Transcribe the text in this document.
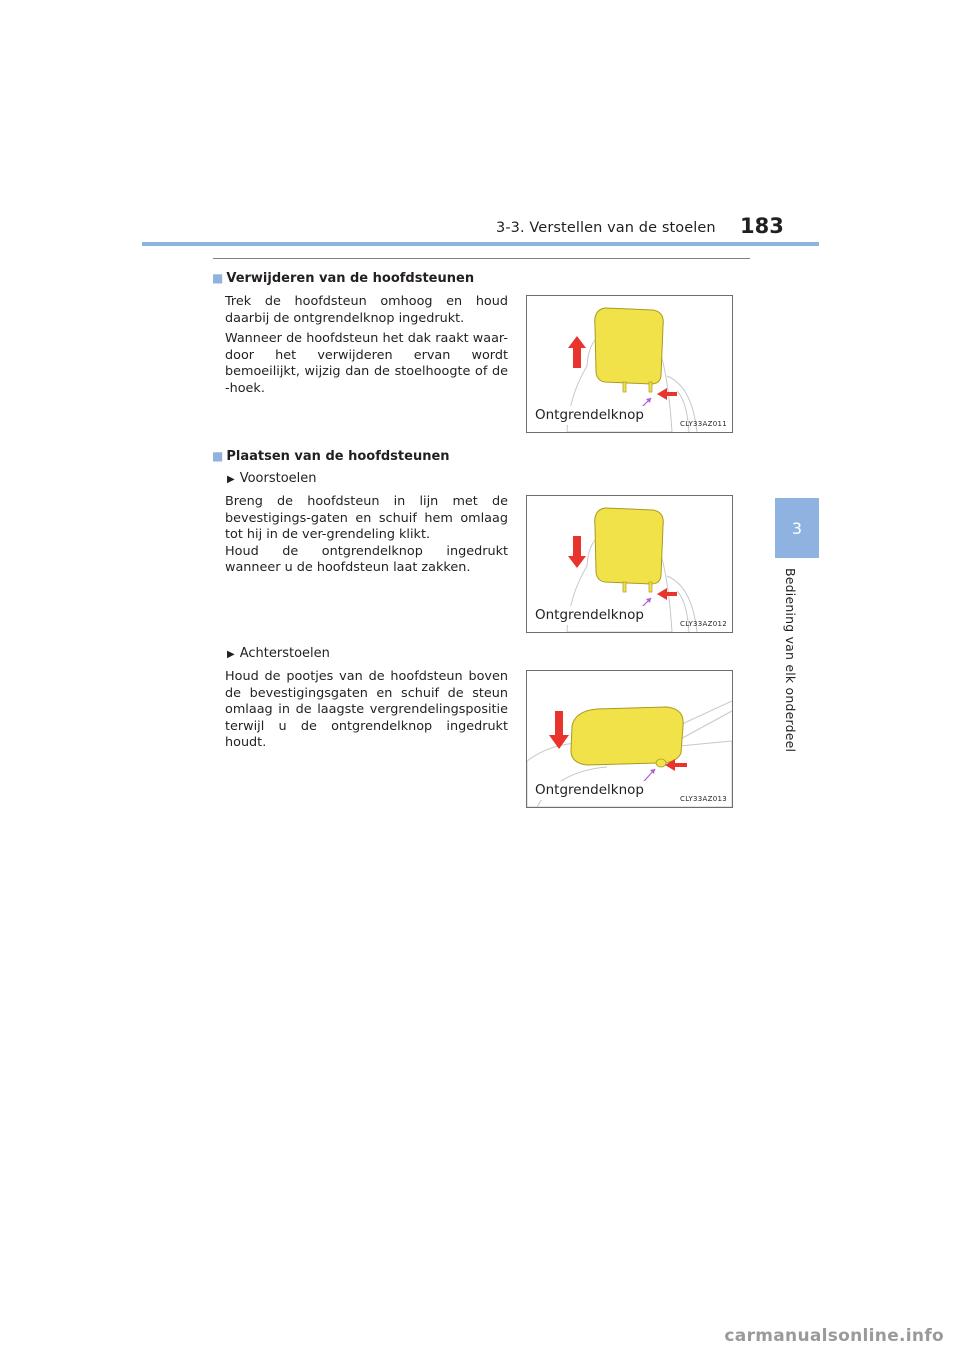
3-3. Verstellen van de stoelen 183
3
Bediening van elk onderdeel
■ Verwijderen van de hoofdsteunen

Trek de hoofdsteun omhoog en houd daarbij de ontgrendelknop ingedrukt.

Wanneer de hoofdsteun het dak raakt waar-door het verwijderen ervan wordt bemoeilijkt, wijzig dan de stoelhoogte of de -hoek.

Ontgrendelknop
CLY33AZ011
■ Plaatsen van de hoofdsteunen
▶ Voorstoelen
Breng de hoofdsteun in lijn met de bevestigings-gaten en schuif hem omlaag tot hij in de ver-grendeling klikt.
Houd de ontgrendelknop ingedrukt wanneer u de hoofdsteun laat zakken.
Ontgrendelknop
CLY33AZ012
▶ Achterstoelen
Houd de pootjes van de hoofdsteun boven de bevestigingsgaten en schuif de steun omlaag in de laagste vergrendelingspositie terwijl u de ontgrendelknop ingedrukt houdt.
Ontgrendelknop
CLY33AZ013
carmanualsonline.info
